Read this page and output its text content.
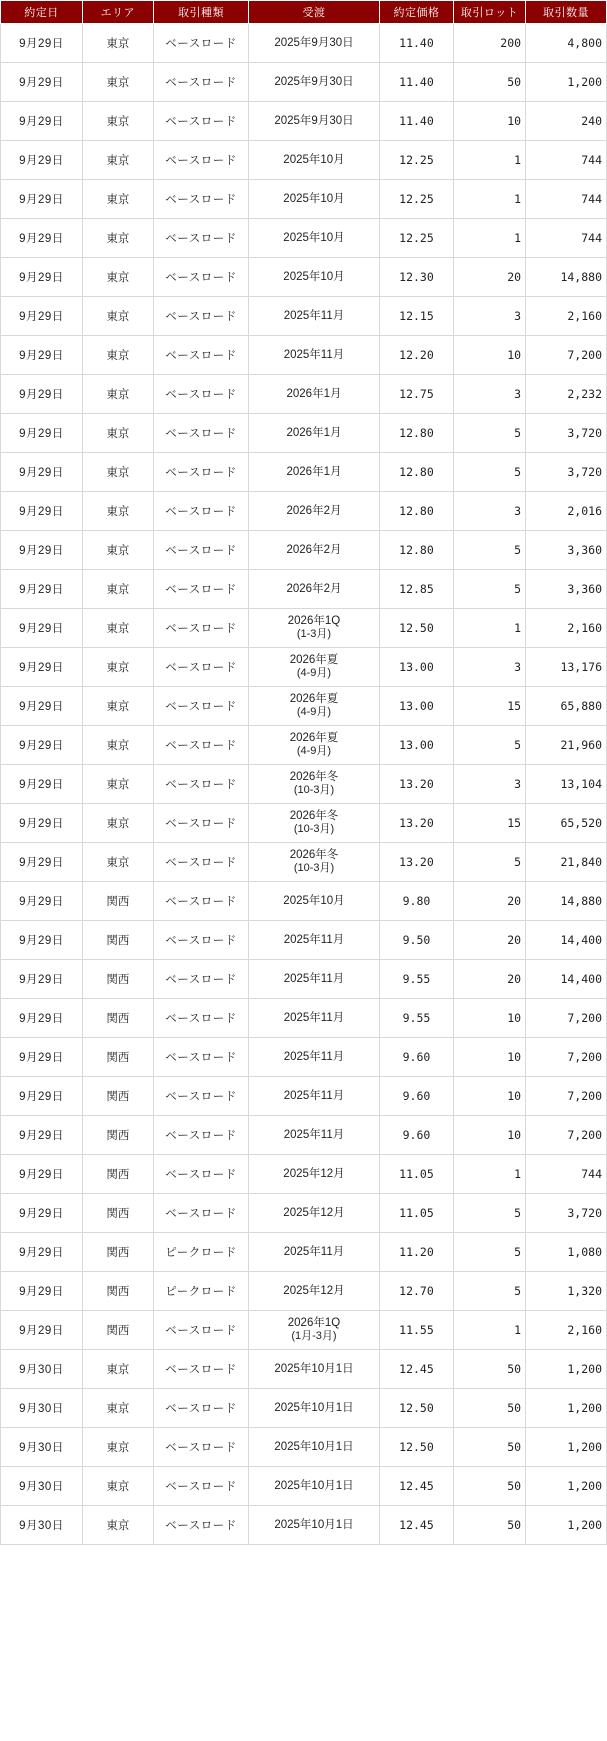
約定日	エリア	取引種類	受渡	約定価格	取引ロット	取引数量
9月29日	東京	ベースロード	2025年9月30日	11.40	200	4,800
9月29日	東京	ベースロード	2025年9月30日	11.40	50	1,200
9月29日	東京	ベースロード	2025年9月30日	11.40	10	240
9月29日	東京	ベースロード	2025年10月	12.25	1	744
9月29日	東京	ベースロード	2025年10月	12.25	1	744
9月29日	東京	ベースロード	2025年10月	12.25	1	744
9月29日	東京	ベースロード	2025年10月	12.30	20	14,880
9月29日	東京	ベースロード	2025年11月	12.15	3	2,160
9月29日	東京	ベースロード	2025年11月	12.20	10	7,200
9月29日	東京	ベースロード	2026年1月	12.75	3	2,232
9月29日	東京	ベースロード	2026年1月	12.80	5	3,720
9月29日	東京	ベースロード	2026年1月	12.80	5	3,720
9月29日	東京	ベースロード	2026年2月	12.80	3	2,016
9月29日	東京	ベースロード	2026年2月	12.80	5	3,360
9月29日	東京	ベースロード	2026年2月	12.85	5	3,360
9月29日	東京	ベースロード	2026年1Q
(1-3月)	12.50	1	2,160
9月29日	東京	ベースロード	2026年夏
(4-9月)	13.00	3	13,176
9月29日	東京	ベースロード	2026年夏
(4-9月)	13.00	15	65,880
9月29日	東京	ベースロード	2026年夏
(4-9月)	13.00	5	21,960
9月29日	東京	ベースロード	2026年冬
(10-3月)	13.20	3	13,104
9月29日	東京	ベースロード	2026年冬
(10-3月)	13.20	15	65,520
9月29日	東京	ベースロード	2026年冬
(10-3月)	13.20	5	21,840
9月29日	関西	ベースロード	2025年10月	9.80	20	14,880
9月29日	関西	ベースロード	2025年11月	9.50	20	14,400
9月29日	関西	ベースロード	2025年11月	9.55	20	14,400
9月29日	関西	ベースロード	2025年11月	9.55	10	7,200
9月29日	関西	ベースロード	2025年11月	9.60	10	7,200
9月29日	関西	ベースロード	2025年11月	9.60	10	7,200
9月29日	関西	ベースロード	2025年11月	9.60	10	7,200
9月29日	関西	ベースロード	2025年12月	11.05	1	744
9月29日	関西	ベースロード	2025年12月	11.05	5	3,720
9月29日	関西	ピークロード	2025年11月	11.20	5	1,080
9月29日	関西	ピークロード	2025年12月	12.70	5	1,320
9月29日	関西	ベースロード	2026年1Q
(1月-3月)	11.55	1	2,160
9月30日	東京	ベースロード	2025年10月1日	12.45	50	1,200
9月30日	東京	ベースロード	2025年10月1日	12.50	50	1,200
9月30日	東京	ベースロード	2025年10月1日	12.50	50	1,200
9月30日	東京	ベースロード	2025年10月1日	12.45	50	1,200
9月30日	東京	ベースロード	2025年10月1日	12.45	50	1,200
